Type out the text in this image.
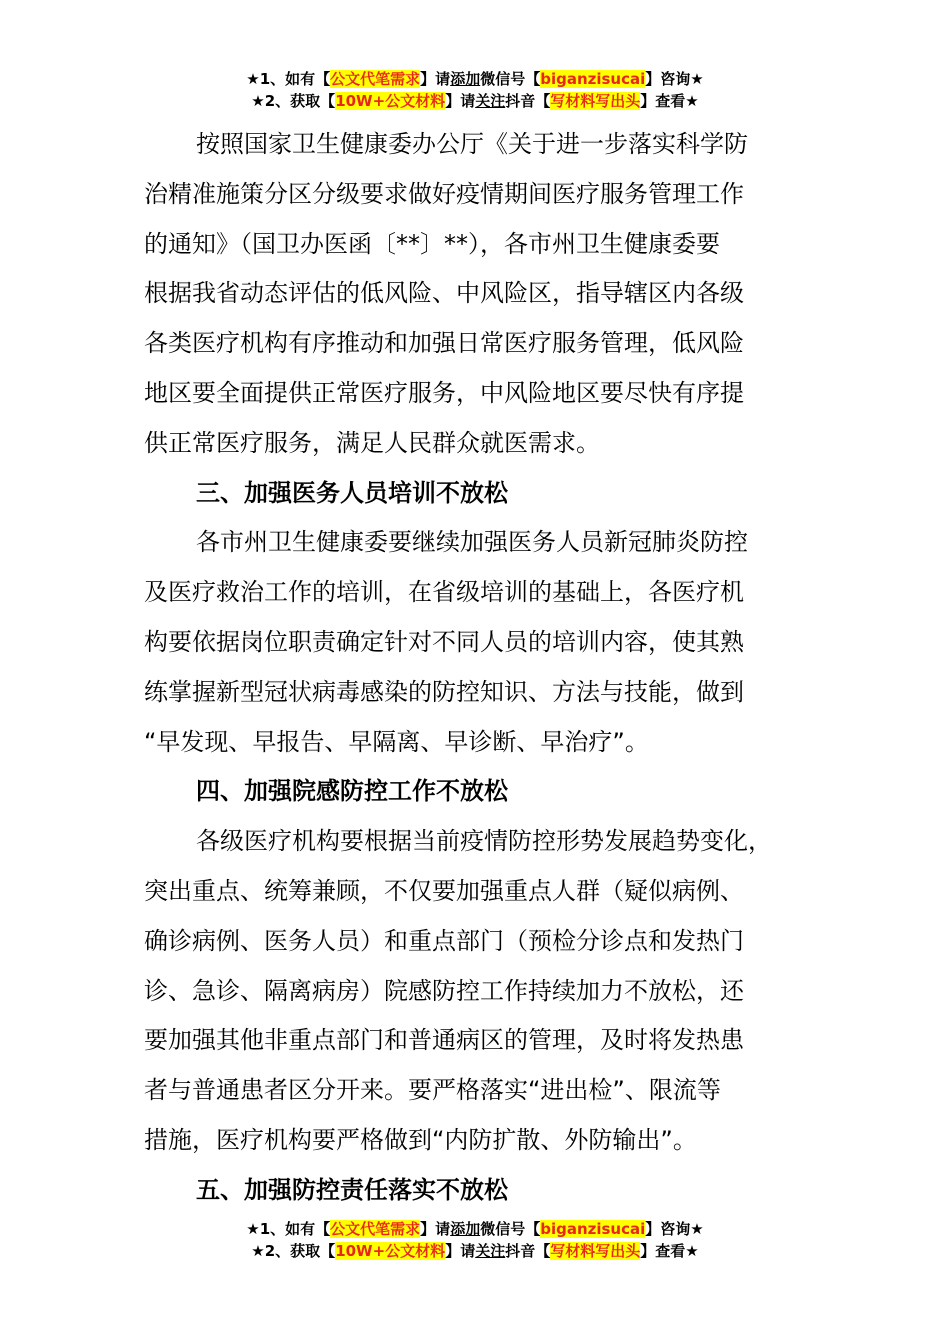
★1、如有【公文代笔需求】请添加微信号【biganzisucai】咨询★
★2、获取【10W+公文材料】请关注抖音【写材料写出头】查看★
按照国家卫生健康委办公厅《关于进一步落实科学防
治精准施策分区分级要求做好疫情期间医疗服务管理工作
的通知》（国卫办医函〔**〕**），各市州卫生健康委要
根据我省动态评估的低风险、中风险区，指导辖区内各级
各类医疗机构有序推动和加强日常医疗服务管理，低风险
地区要全面提供正常医疗服务，中风险地区要尽快有序提
供正常医疗服务，满足人民群众就医需求。
三、加强医务人员培训不放松
各市州卫生健康委要继续加强医务人员新冠肺炎防控
及医疗救治工作的培训，在省级培训的基础上，各医疗机
构要依据岗位职责确定针对不同人员的培训内容，使其熟
练掌握新型冠状病毒感染的防控知识、方法与技能，做到
“早发现、早报告、早隔离、早诊断、早治疗”。
四、加强院感防控工作不放松
各级医疗机构要根据当前疫情防控形势发展趋势变化，
突出重点、统筹兼顾，不仅要加强重点人群（疑似病例、
确诊病例、医务人员）和重点部门（预检分诊点和发热门
诊、急诊、隔离病房）院感防控工作持续加力不放松，还
要加强其他非重点部门和普通病区的管理，及时将发热患
者与普通患者区分开来。要严格落实“进出检”、限流等
措施，医疗机构要严格做到“内防扩散、外防输出”。
五、加强防控责任落实不放松
★1、如有【公文代笔需求】请添加微信号【biganzisucai】咨询★
★2、获取【10W+公文材料】请关注抖音【写材料写出头】查看★
